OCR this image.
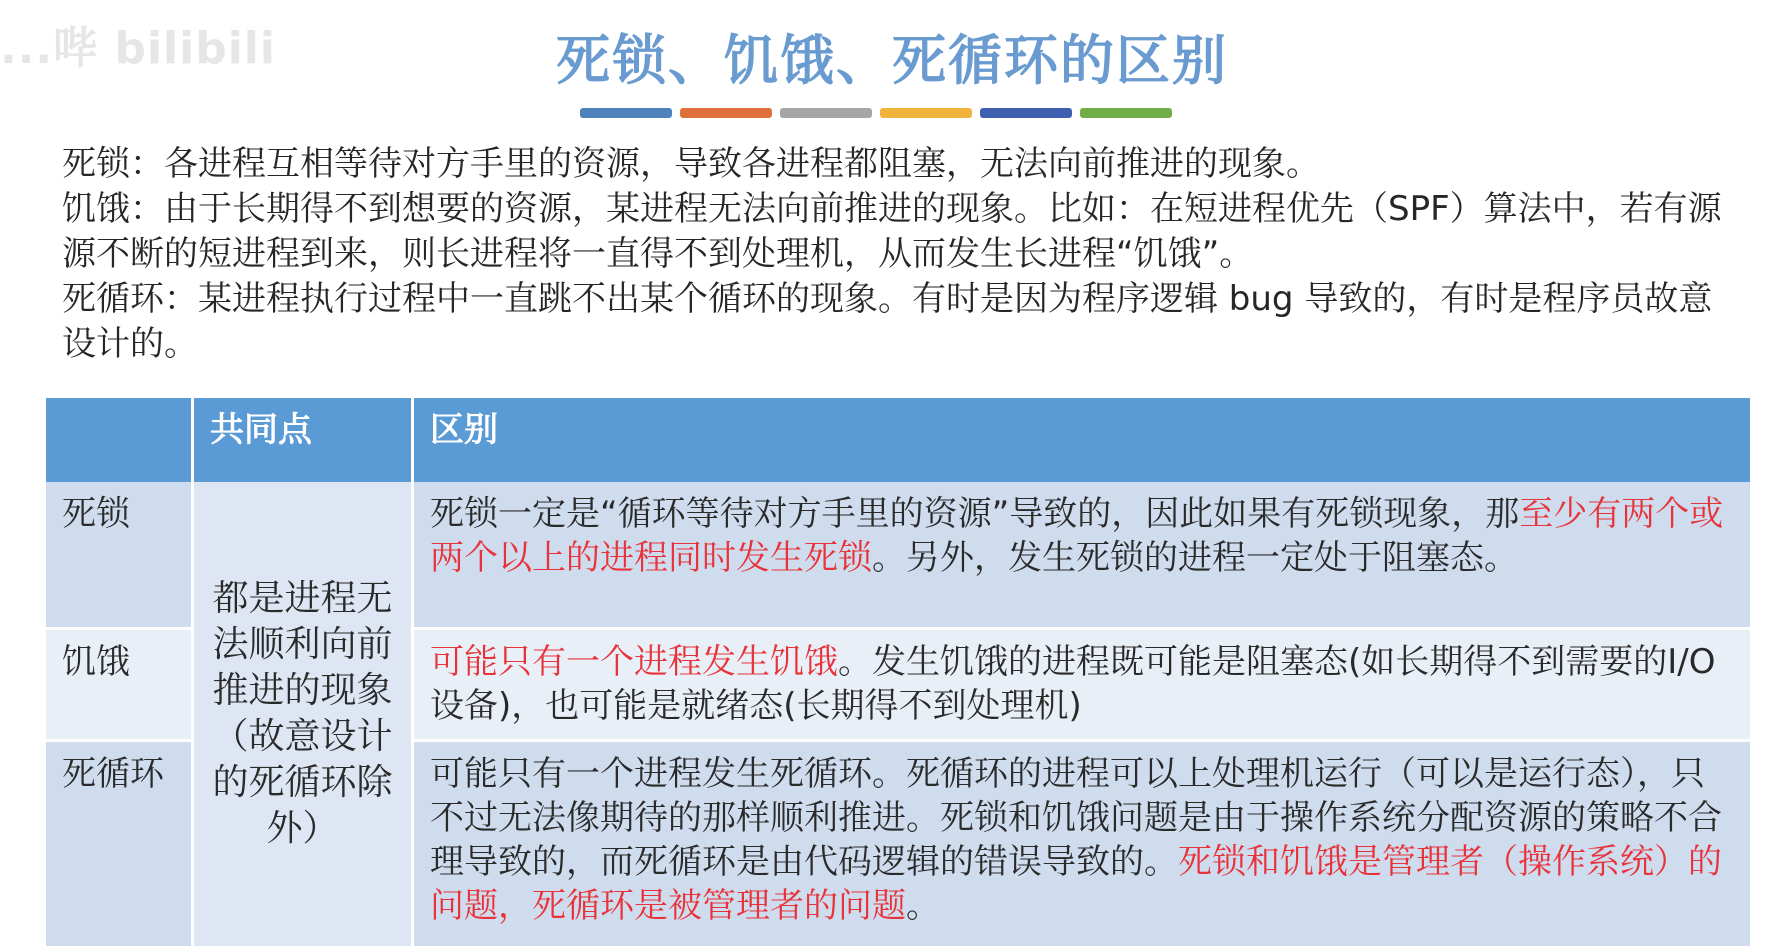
...哔 bilibili	死锁、饥饿、死循环的区别

死锁：各进程互相等待对方手里的资源，导致各进程都阻塞，无法向前推进的现象。

饥饿：由于长期得不到想要的资源，某进程无法向前推进的现象。比如：在短进程优先（SPF）算法中，若有源源不断的短进程到来，则长进程将一直得不到处理机，从而发生长进程“饥饿”。

死循环：某进程执行过程中一直跳不出某个循环的现象。有时是因为程序逻辑 bug 导致的，有时是程序员故意设计的。

共同点	区别
死锁
饥饿
死循环
都是进程无法顺利向前推进的现象（故意设计的死循环除外）
死锁一定是“循环等待对方手里的资源”导致的，因此如果有死锁现象，那至少有两个或两个以上的进程同时发生死锁。另外，发生死锁的进程一定处于阻塞态。
可能只有一个进程发生饥饿。发生饥饿的进程既可能是阻塞态(如长期得不到需要的I/O设备)，也可能是就绪态(长期得不到处理机)
可能只有一个进程发生死循环。死循环的进程可以上处理机运行（可以是运行态），只不过无法像期待的那样顺利推进。死锁和饥饿问题是由于操作系统分配资源的策略不合理导致的，而死循环是由代码逻辑的错误导致的。死锁和饥饿是管理者（操作系统）的问题，死循环是被管理者的问题。
